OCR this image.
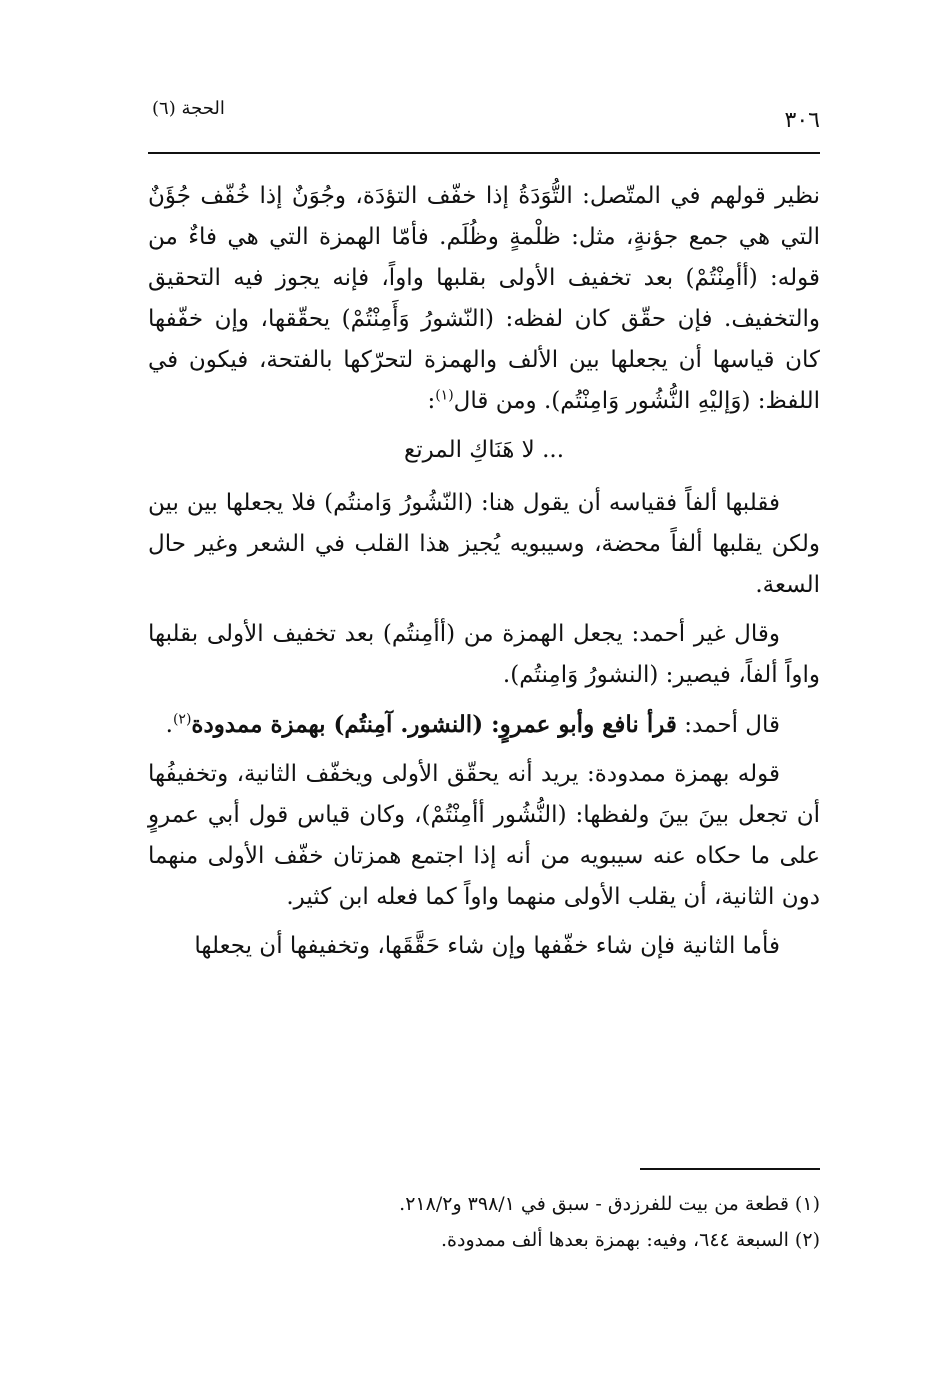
٣٠٦
الحجة (٦)

نظير قولهم في المتّصل: التُّوَدَةُ إذا خفّف التؤدَة، وجُوَنٌ إذا خُفّف جُؤَنٌ التي هي جمع جؤنةٍ، مثل: ظلْمةٍ وظُلَم. فأمّا الهمزة التي هي فاءٌ من قوله: (أأمِنْتُمْ) بعد تخفيف الأولى بقلبها واواً، فإنه يجوز فيه التحقيق والتخفيف. فإن حقّق كان لفظه: (النّشورُ وَأَمِنْتُمْ) يحقّقها، وإن خفّفها كان قياسها أن يجعلها بين الألف والهمزة لتحرّكها بالفتحة، فيكون في اللفظ: (وَإليْهِ النُّشُور وَامِنْتُم). ومن قال$^{(١)}$:

... لا هَنَاكِ المرتع

فقلبها ألفاً فقياسه أن يقول هنا: (النّشُورُ وَامنتُم) فلا يجعلها بين بين ولكن يقلبها ألفاً محضة، وسيبويه يُجيز هذا القلب في الشعر وغير حال السعة.

وقال غير أحمد: يجعل الهمزة من (أأمِنتُم) بعد تخفيف الأولى بقلبها واواً ألفاً، فيصير: (النشورُ وَامِنتُم).

قال أحمد: قرأ نافع وأبو عمروٍ: (النشور. آمِنتُم) بهمزة ممدودة$^{(٢)}$.

قوله بهمزة ممدودة: يريد أنه يحقّق الأولى ويخفّف الثانية، وتخفيفُها أن تجعل بينَ بينَ ولفظها: (النُّشُور أأمِنْتُمْ)، وكان قياس قول أبي عمروٍ على ما حكاه عنه سيبويه من أنه إذا اجتمع همزتان خفّف الأولى منهما دون الثانية، أن يقلب الأولى منهما واواً كما فعله ابن كثير.

فأما الثانية فإن شاء خفّفها وإن شاء حَقَّقَها، وتخفيفها أن يجعلها

(١) قطعة من بيت للفرزدق - سبق في ٣٩٨/١ و٢١٨/٢.

(٢) السبعة ٦٤٤، وفيه: بهمزة بعدها ألف ممدودة.
